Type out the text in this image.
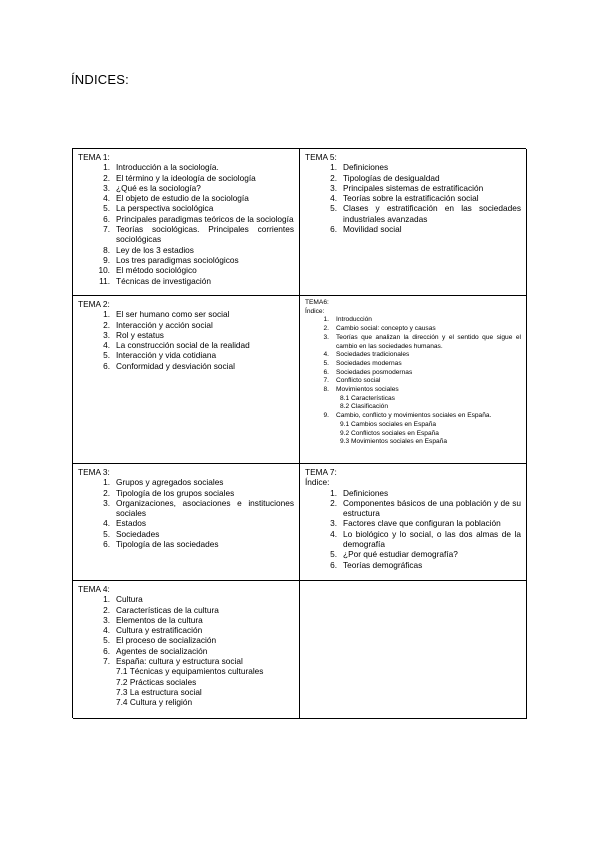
ÍNDICES:
TEMA 1:
1. Introducción a la sociología.
2. El término y la ideología de sociología
3. ¿Qué es la sociología?
4. El objeto de estudio de la sociología
5. La perspectiva sociológica
6. Principales paradigmas teóricos de la sociología
7. Teorías sociológicas. Principales corrientes sociológicas
8. Ley de los 3 estadios
9. Los tres paradigmas sociológicos
10. El método sociológico
11. Técnicas de investigación
TEMA 5:
1. Definiciones
2. Tipologías de desigualdad
3. Principales sistemas de estratificación
4. Teorías sobre la estratificación social
5. Clases y estratificación en las sociedades industriales avanzadas
6. Movilidad social
TEMA 2:
1. El ser humano como ser social
2. Interacción y acción social
3. Rol y estatus
4. La construcción social de la realidad
5. Interacción y vida cotidiana
6. Conformidad y desviación social
TEMA6:
Índice:
1. Introducción
2. Cambio social: concepto y causas
3. Teorías que analizan la dirección y el sentido que sigue el cambio en las sociedades humanas.
4. Sociedades tradicionales
5. Sociedades modernas
6. Sociedades posmodernas
7. Conflicto social
8. Movimientos sociales
8.1 Características
8.2 Clasificación
9. Cambio, conflicto y movimientos sociales en España.
9.1 Cambios sociales en España
9.2 Conflictos sociales en España
9.3 Movimientos sociales en España
TEMA 3:
1. Grupos y agregados sociales
2. Tipología de los grupos sociales
3. Organizaciones, asociaciones e instituciones sociales
4. Estados
5. Sociedades
6. Tipología de las sociedades
TEMA 7:
Índice:
1. Definiciones
2. Componentes básicos de una población y de su estructura
3. Factores clave que configuran la población
4. Lo biológico y lo social, o las dos almas de la demografía
5. ¿Por qué estudiar demografía?
6. Teorías demográficas
TEMA 4:
1. Cultura
2. Características de la cultura
3. Elementos de la cultura
4. Cultura y estratificación
5. El proceso de socialización
6. Agentes de socialización
7. España: cultura y estructura social
7.1 Técnicas y equipamientos culturales
7.2 Prácticas sociales
7.3 La estructura social
7.4 Cultura y religión
